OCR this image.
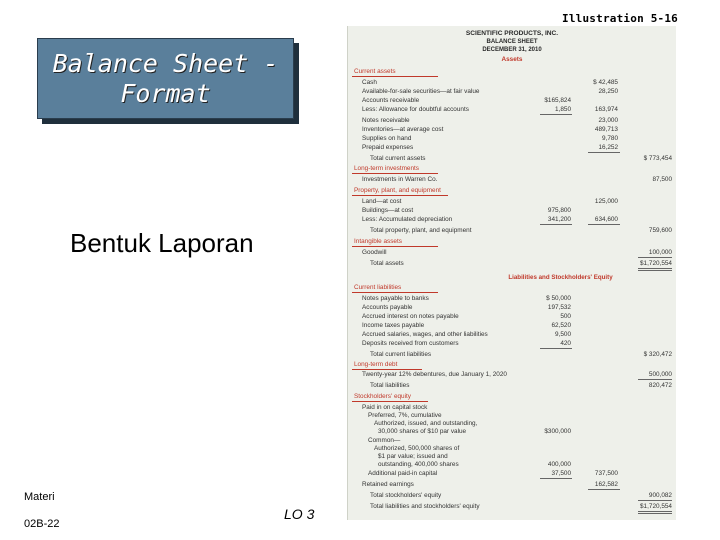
Illustration 5-16
Balance Sheet -
Format
Bentuk Laporan
Materi
02B-22
LO 3
SCIENTIFIC PRODUCTS, INC.
BALANCE SHEET
DECEMBER 31, 2010
Assets
Current assets
Cash	$ 42,485
Available-for-sale securities—at fair value	28,250
Accounts receivable	$165,824
Less: Allowance for doubtful accounts	1,850	163,974
Notes receivable	23,000
Inventories—at average cost	489,713
Supplies on hand	9,780
Prepaid expenses	16,252
Total current assets	$ 773,454
Long-term investments
Investments in Warren Co.	87,500
Property, plant, and equipment
Land—at cost	125,000
Buildings—at cost	975,800
Less: Accumulated depreciation	341,200	634,600
Total property, plant, and equipment	759,600
Intangible assets
Goodwill	100,000
Total assets	$1,720,554
Liabilities and Stockholders' Equity
Current liabilities
Notes payable to banks	$ 50,000
Accounts payable	197,532
Accrued interest on notes payable	500
Income taxes payable	62,520
Accrued salaries, wages, and other liabilities	9,500
Deposits received from customers	420
Total current liabilities	$ 320,472
Long-term debt
Twenty-year 12% debentures, due January 1, 2020	500,000
Total liabilities	820,472
Stockholders' equity
Paid in on capital stock
Preferred, 7%, cumulative
Authorized, issued, and outstanding,
30,000 shares of $10 par value	$300,000
Common—
Authorized, 500,000 shares of
$1 par value; issued and
outstanding, 400,000 shares	400,000
Additional paid-in capital	37,500	737,500
Retained earnings	162,582
Total stockholders' equity	900,082
Total liabilities and stockholders' equity	$1,720,554
